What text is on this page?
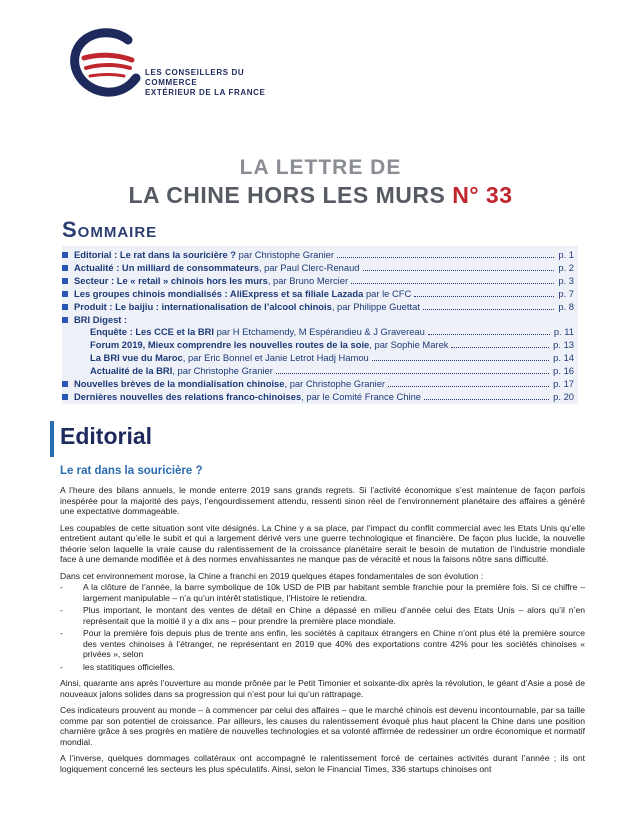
LES CONSEILLERS DU COMMERCE
EXTÉRIEUR DE LA FRANCE
LA LETTRE DE
LA CHINE HORS LES MURS N° 33
Sommaire
Editorial : Le rat dans la souricière ? par Christophe Granier	p. 1
Actualité : Un milliard de consommateurs, par Paul Clerc-Renaud	p. 2
Secteur : Le « retail » chinois hors les murs, par Bruno Mercier	p. 3
Les groupes chinois mondialisés : AliExpress et sa filiale Lazada par le CFC	p. 7
Produit : Le baijiu : internationalisation de l’alcool chinois, par Philippe Guettat	p. 8
BRI Digest :
Enquête : Les CCE et la BRI par H Etchamendy, M Espérandieu & J Gravereau	p. 11
Forum 2019, Mieux comprendre les nouvelles routes de la soie, par Sophie Marek	p. 13
La BRI vue du Maroc, par Eric Bonnel et Janie Letrot Hadj Hamou	p. 14
Actualité de la BRI, par Christophe Granier	p. 16
Nouvelles brèves de la mondialisation chinoise, par Christophe Granier	p. 17
Dernières nouvelles des relations franco-chinoises, par le Comité France Chine	p. 20
Editorial
Le rat dans la souricière ?

A l’heure des bilans annuels, le monde enterre 2019 sans grands regrets. Si l’activité économique s’est maintenue de façon parfois inespérée pour la majorité des pays, l’engourdissement attendu, ressenti sinon réel de l’environnement planétaire des affaires a généré une expectative dommageable.

Les coupables de cette situation sont vite désignés. La Chine y a sa place, par l’impact du conflit commercial avec les Etats Unis qu’elle entretient autant qu’elle le subit et qui a largement dérivé vers une guerre technologique et financière. De façon plus lucide, la nouvelle théorie selon laquelle la vraie cause du ralentissement de la croissance planétaire serait le besoin de mutation de l’industrie mondiale face à une demande modifiée et à des normes envahissantes ne manque pas de véracité et nous la faisons nôtre sans difficulté.

Dans cet environnement morose, la Chine a franchi en 2019 quelques étapes fondamentales de son évolution :

- A la clôture de l’année, la barre symbolique de 10k USD de PIB par habitant semble franchie pour la première fois. Si ce chiffre – largement manipulable – n’a qu’un intérêt statistique, l’Histoire le retiendra.
- Plus important, le montant des ventes de détail en Chine a dépassé en milieu d’année celui des Etats Unis – alors qu’il n’en représentait que la moitié il y a dix ans – pour prendre la première place mondiale.
- Pour la première fois depuis plus de trente ans enfin, les sociétés à capitaux étrangers en Chine n’ont plus été la première source des ventes chinoises à l’étranger, ne représentant en 2019 que 40% des exportations contre 42% pour les sociétés chinoises « privées », selon
- les statitiques officielles.

Ainsi, quarante ans après l’ouverture au monde prônée par le Petit Timonier et soixante-dix après la révolution, le géant d’Asie a posé de nouveaux jalons solides dans sa progression qui n’est pour lui qu’un rattrapage.

Ces indicateurs prouvent au monde – à commencer par celui des affaires – que le marché chinois est devenu incontournable, par sa taille comme par son potentiel de croissance. Par ailleurs, les causes du ralentissement évoqué plus haut placent la Chine dans une position charnière grâce à ses progrès en matière de nouvelles technologies et sa volonté affirmée de redessiner un ordre économique et normatif mondial.

A l’inverse, quelques dommages collatéraux ont accompagné le ralentissement forcé de certaines activités durant l’année ; ils ont logiquement concerné les secteurs les plus spéculatifs. Ainsi, selon le Financial Times, 336 startups chinoises ont
